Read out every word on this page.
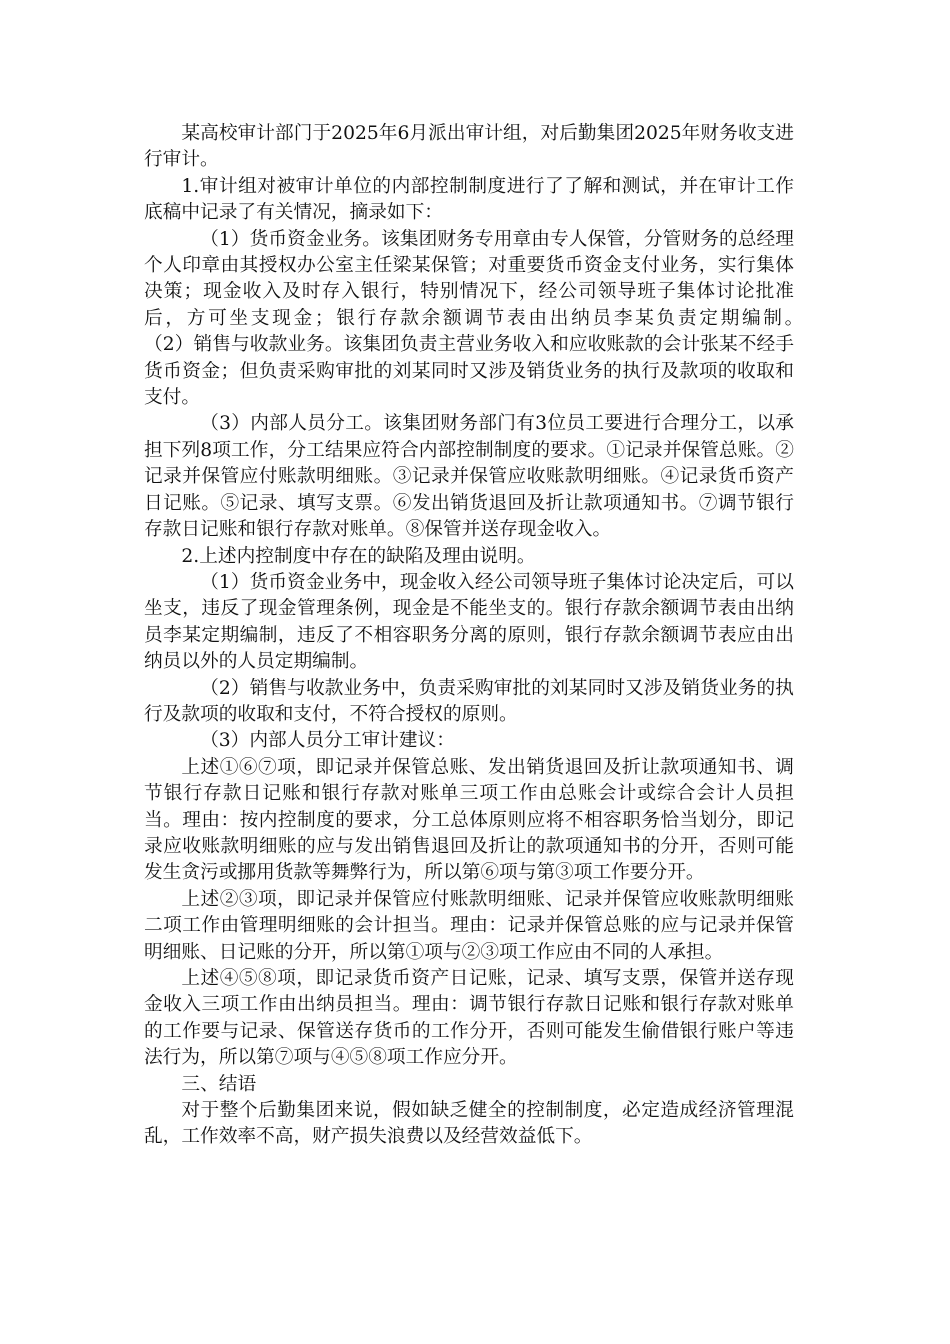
某高校审计部门于2025年6月派出审计组，对后勤集团2025年财务收支进行审计。

1.审计组对被审计单位的内部控制制度进行了了解和测试，并在审计工作底稿中记录了有关情况，摘录如下：

（1）货币资金业务。该集团财务专用章由专人保管，分管财务的总经理个人印章由其授权办公室主任梁某保管；对重要货币资金支付业务，实行集体决策；现金收入及时存入银行，特别情况下，经公司领导班子集体讨论批准后，方可坐支现金；银行存款余额调节表由出纳员李某负责定期编制。　　　　（2）销售与收款业务。该集团负责主营业务收入和应收账款的会计张某不经手货币资金；但负责采购审批的刘某同时又涉及销货业务的执行及款项的收取和支付。

（3）内部人员分工。该集团财务部门有3位员工要进行合理分工，以承担下列8项工作，分工结果应符合内部控制制度的要求。①记录并保管总账。②记录并保管应付账款明细账。③记录并保管应收账款明细账。④记录货币资产日记账。⑤记录、填写支票。⑥发出销货退回及折让款项通知书。⑦调节银行存款日记账和银行存款对账单。⑧保管并送存现金收入。

2.上述内控制度中存在的缺陷及理由说明。

（1）货币资金业务中，现金收入经公司领导班子集体讨论决定后，可以坐支，违反了现金管理条例，现金是不能坐支的。银行存款余额调节表由出纳员李某定期编制，违反了不相容职务分离的原则，银行存款余额调节表应由出纳员以外的人员定期编制。

（2）销售与收款业务中，负责采购审批的刘某同时又涉及销货业务的执行及款项的收取和支付，不符合授权的原则。

（3）内部人员分工审计建议：

上述①⑥⑦项，即记录并保管总账、发出销货退回及折让款项通知书、调节银行存款日记账和银行存款对账单三项工作由总账会计或综合会计人员担当。理由：按内控制度的要求，分工总体原则应将不相容职务恰当划分，即记录应收账款明细账的应与发出销售退回及折让的款项通知书的分开，否则可能发生贪污或挪用货款等舞弊行为，所以第⑥项与第③项工作要分开。

上述②③项，即记录并保管应付账款明细账、记录并保管应收账款明细账二项工作由管理明细账的会计担当。理由：记录并保管总账的应与记录并保管明细账、日记账的分开，所以第①项与②③项工作应由不同的人承担。

上述④⑤⑧项，即记录货币资产日记账，记录、填写支票，保管并送存现金收入三项工作由出纳员担当。理由：调节银行存款日记账和银行存款对账单的工作要与记录、保管送存货币的工作分开，否则可能发生偷借银行账户等违法行为，所以第⑦项与④⑤⑧项工作应分开。

三、结语

对于整个后勤集团来说，假如缺乏健全的控制制度，必定造成经济管理混乱，工作效率不高，财产损失浪费以及经营效益低下。
